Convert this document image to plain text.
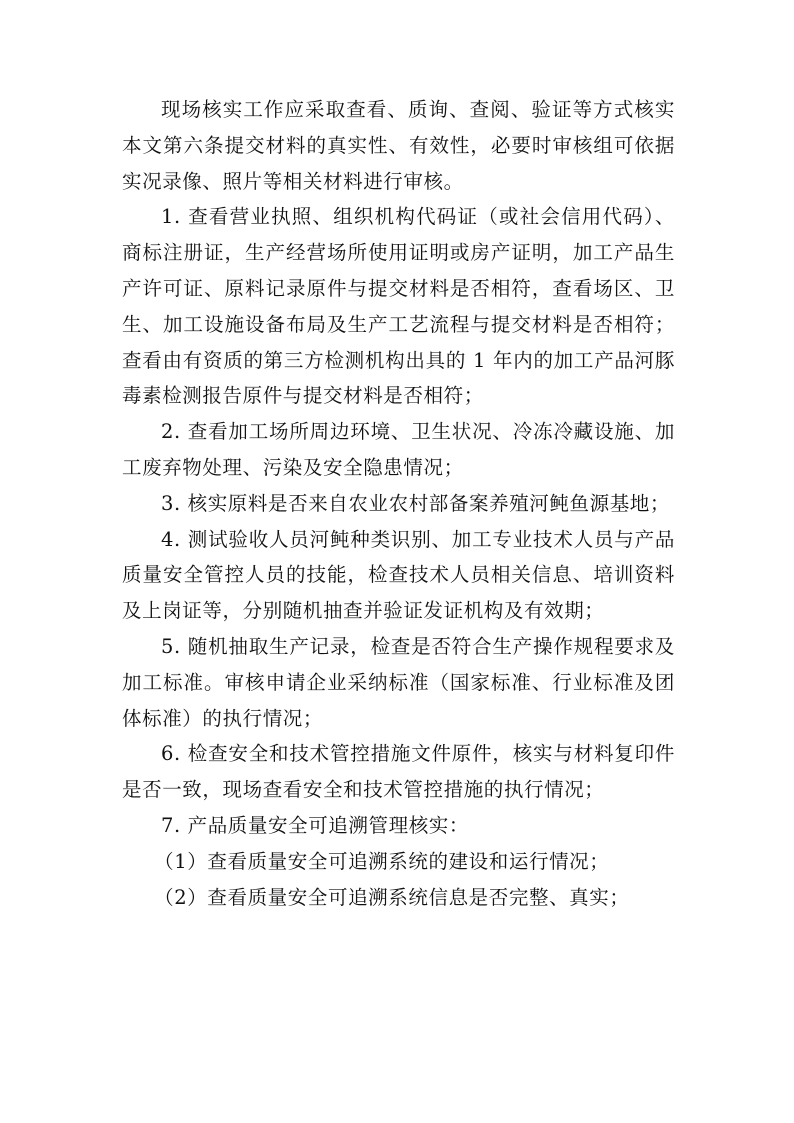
现场核实工作应采取查看、质询、查阅、验证等方式核实本文第六条提交材料的真实性、有效性，必要时审核组可依据实况录像、照片等相关材料进行审核。

1. 查看营业执照、组织机构代码证（或社会信用代码）、商标注册证，生产经营场所使用证明或房产证明，加工产品生产许可证、原料记录原件与提交材料是否相符，查看场区、卫生、加工设施设备布局及生产工艺流程与提交材料是否相符；查看由有资质的第三方检测机构出具的 1 年内的加工产品河豚毒素检测报告原件与提交材料是否相符；

2. 查看加工场所周边环境、卫生状况、冷冻冷藏设施、加工废弃物处理、污染及安全隐患情况；

3. 核实原料是否来自农业农村部备案养殖河鲀鱼源基地；

4. 测试验收人员河鲀种类识别、加工专业技术人员与产品质量安全管控人员的技能，检查技术人员相关信息、培训资料及上岗证等，分别随机抽查并验证发证机构及有效期；

5. 随机抽取生产记录，检查是否符合生产操作规程要求及加工标准。审核申请企业采纳标准（国家标准、行业标准及团体标准）的执行情况；

6. 检查安全和技术管控措施文件原件，核实与材料复印件是否一致，现场查看安全和技术管控措施的执行情况；

7. 产品质量安全可追溯管理核实：

（1）查看质量安全可追溯系统的建设和运行情况；

（2）查看质量安全可追溯系统信息是否完整、真实；
